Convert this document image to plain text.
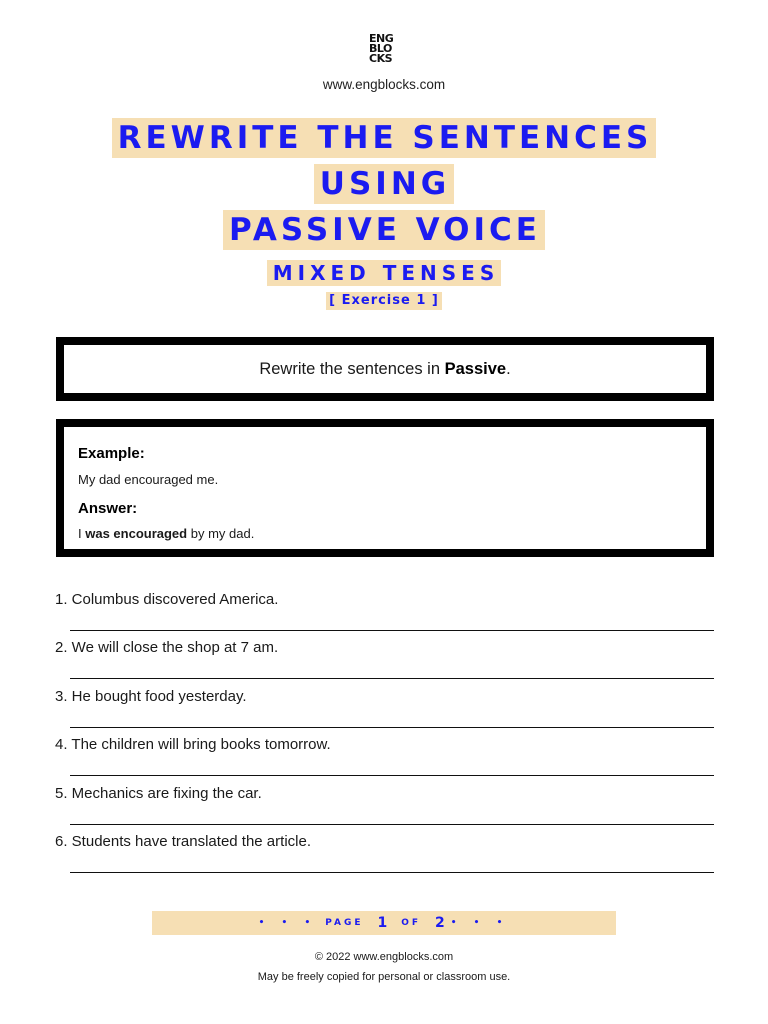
ENG
BLO
CKS
www.engblocks.com
REWRITE THE SENTENCES
USING
PASSIVE VOICE
MIXED TENSES
[ Exercise 1 ]
Rewrite the sentences in Passive.
Example:
My dad encouraged me.
Answer:
I was encouraged by my dad.
1. Columbus discovered America.
2. We will close the shop at 7 am.
3. He bought food yesterday.
4. The children will bring books tomorrow.
5. Mechanics are fixing the car.
6. Students have translated the article.
• • • PAGE 1 OF 2 • • •
© 2022 www.engblocks.com
May be freely copied for personal or classroom use.
